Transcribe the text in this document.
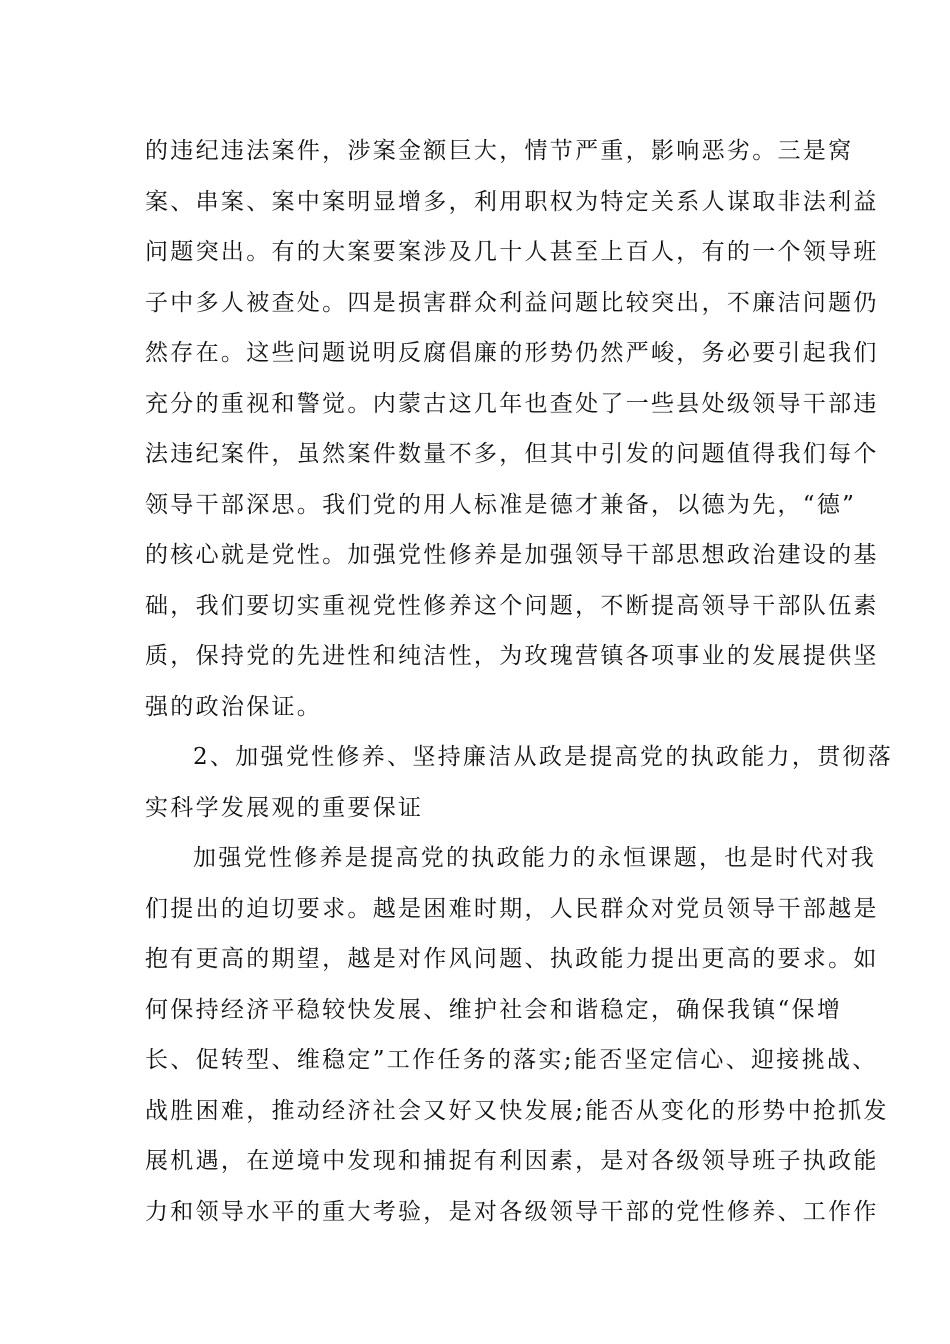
的违纪违法案件，涉案金额巨大，情节严重，影响恶劣。三是窝
案、串案、案中案明显增多，利用职权为特定关系人谋取非法利益
问题突出。有的大案要案涉及几十人甚至上百人，有的一个领导班
子中多人被查处。四是损害群众利益问题比较突出，不廉洁问题仍
然存在。这些问题说明反腐倡廉的形势仍然严峻，务必要引起我们
充分的重视和警觉。内蒙古这几年也查处了一些县处级领导干部违
法违纪案件，虽然案件数量不多，但其中引发的问题值得我们每个
领导干部深思。我们党的用人标准是德才兼备，以德为先，“德”
的核心就是党性。加强党性修养是加强领导干部思想政治建设的基
础，我们要切实重视党性修养这个问题，不断提高领导干部队伍素
质，保持党的先进性和纯洁性，为玫瑰营镇各项事业的发展提供坚
强的政治保证。
2、加强党性修养、坚持廉洁从政是提高党的执政能力，贯彻落
实科学发展观的重要保证
加强党性修养是提高党的执政能力的永恒课题，也是时代对我
们提出的迫切要求。越是困难时期，人民群众对党员领导干部越是
抱有更高的期望，越是对作风问题、执政能力提出更高的要求。如
何保持经济平稳较快发展、维护社会和谐稳定，确保我镇“保增
长、促转型、维稳定”工作任务的落实;能否坚定信心、迎接挑战、
战胜困难，推动经济社会又好又快发展;能否从变化的形势中抢抓发
展机遇，在逆境中发现和捕捉有利因素，是对各级领导班子执政能
力和领导水平的重大考验，是对各级领导干部的党性修养、工作作
